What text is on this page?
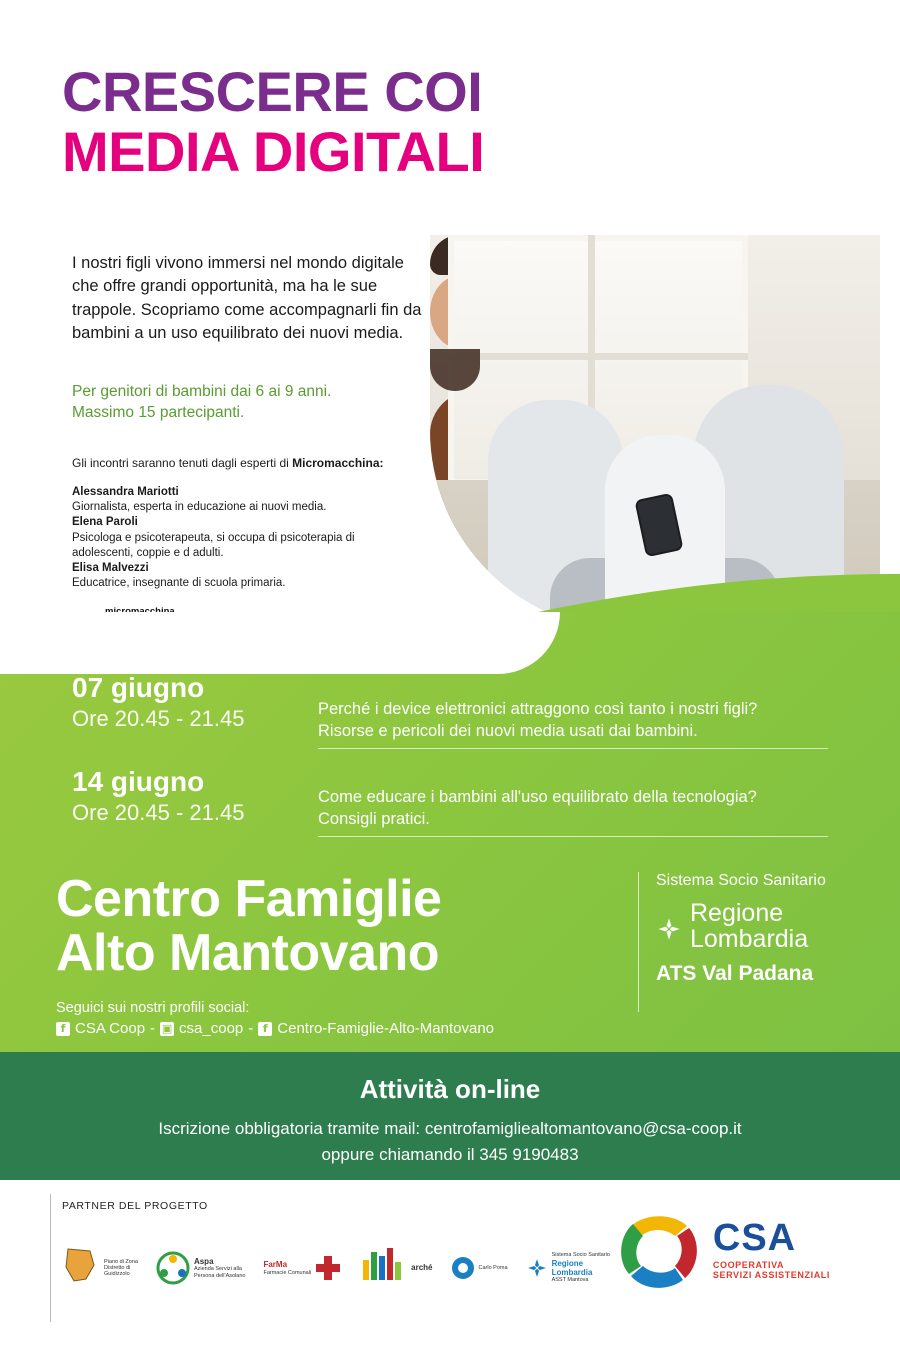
CRESCERE COI
MEDIA DIGITALI
I nostri figli vivono immersi nel mondo digitale che offre grandi opportunità, ma ha le sue trappole. Scopriamo come accompagnarli fin da bambini a un uso equilibrato dei nuovi media.
Per genitori di bambini dai 6 ai 9 anni.
Massimo 15 partecipanti.
Gli incontri saranno tenuti dagli esperti di Micromacchina:
Alessandra Mariotti
Giornalista, esperta in educazione ai nuovi media.
Elena Paroli
Psicologa e psicoterapeuta, si occupa di psicoterapia di adolescenti, coppie e d adulti.
Elisa Malvezzi
Educatrice, insegnante di scuola primaria.

07 giugno
Ore 20.45 - 21.45	Perché i device elettronici attraggono così tanto i nostri figli?
Risorse e pericoli dei nuovi media usati dai bambini.
14 giugno
Ore 20.45 - 21.45
Come educare i bambini all'uso equilibrato della tecnologia?
Consigli pratici.
Centro Famiglie
Alto Mantovano
Seguici sui nostri profili social:
f CSA Coop - ▣ csa_coop - f Centro-Famiglie-Alto-Mantovano
Sistema Socio Sanitario
Regione
Lombardia
ATS Val Padana
Attività on-line
Iscrizione obbligatoria tramite mail: centrofamigliealtomantovano@csa-coop.it
oppure chiamando il 345 9190483
PARTNER DEL PROGETTO
Piano di Zona
Distretto di
Guidizzolo
Aspa
Azienda Servizi alla
Persona dell'Asolano
FarMa
Farmacie Comunali
arché	Carlo Poma
Sistema Socio Sanitario
Regione
Lombardia
ASST Mantova
CSA
COOPERATIVA
SERVIZI ASSISTENZIALI
